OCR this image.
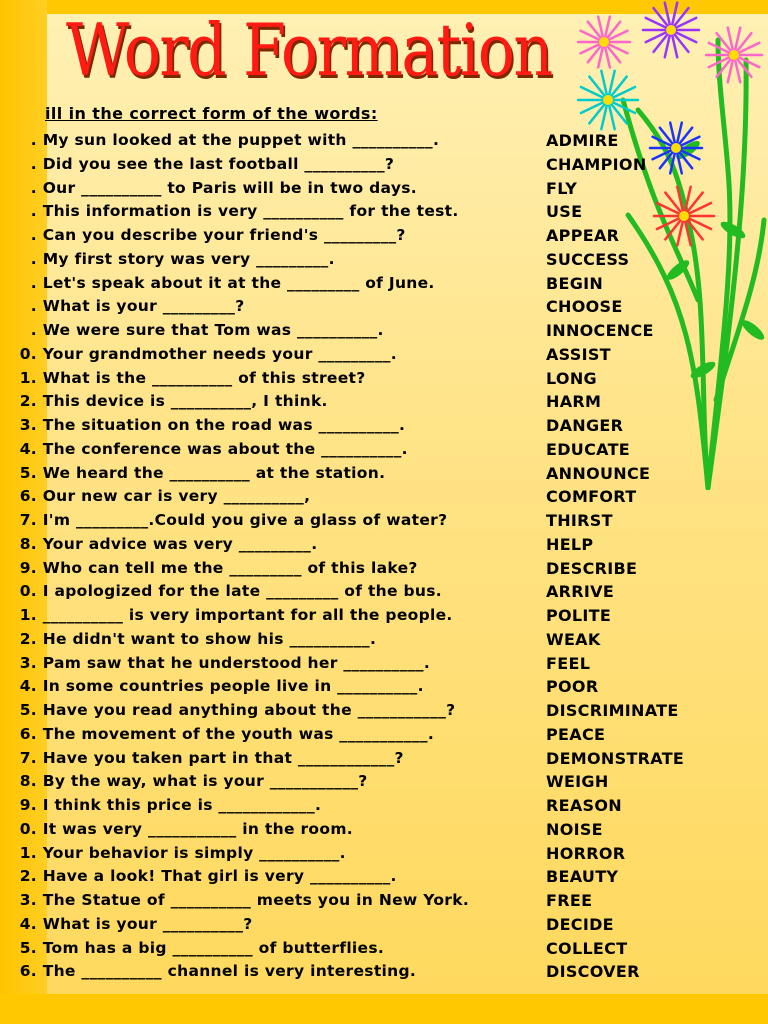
Word Formation
ill in the correct form of the words:
. My sun looked at the puppet with __________.	ADMIRE
. Did you see the last football __________?	CHAMPION
. Our __________ to Paris will be in two days.	FLY
. This information is very __________ for the test.	USE
. Can you describe your friend's _________?	APPEAR
. My first story was very _________.	SUCCESS
. Let's speak about it at the _________ of June.	BEGIN
. What is your _________?	CHOOSE
. We were sure that Tom was __________.	INNOCENCE
0. Your grandmother needs your _________.	ASSIST
1. What is the __________ of this street?	LONG
2. This device is __________, I think.	HARM
3. The situation on the road was __________.	DANGER
4. The conference was about the __________.	EDUCATE
5. We heard the __________ at the station.	ANNOUNCE
6. Our new car is very __________,	COMFORT
7. I'm _________.Could you give a glass of water?	THIRST
8. Your advice was very _________.	HELP
9. Who can tell me the _________ of this lake?	DESCRIBE
0. I apologized for the late _________ of the bus.	ARRIVE
1. __________ is very important for all the people.	POLITE
2. He didn't want to show his __________.	WEAK
3. Pam saw that he understood her __________.	FEEL
4. In some countries people live in __________.	POOR
5. Have you read anything about the ___________?	DISCRIMINATE
6. The movement of the youth was ___________.	PEACE
7. Have you taken part in that ____________?	DEMONSTRATE
8. By the way, what is your ___________?	WEIGH
9. I think this price is ____________.	REASON
0. It was very ___________ in the room.	NOISE
1. Your behavior is simply __________.	HORROR
2. Have a look! That girl is very __________.	BEAUTY
3. The Statue of __________ meets you in New York.	FREE
4. What is your __________?	DECIDE
5. Tom has a big __________ of butterflies.	COLLECT
6. The __________ channel is very interesting.	DISCOVER
